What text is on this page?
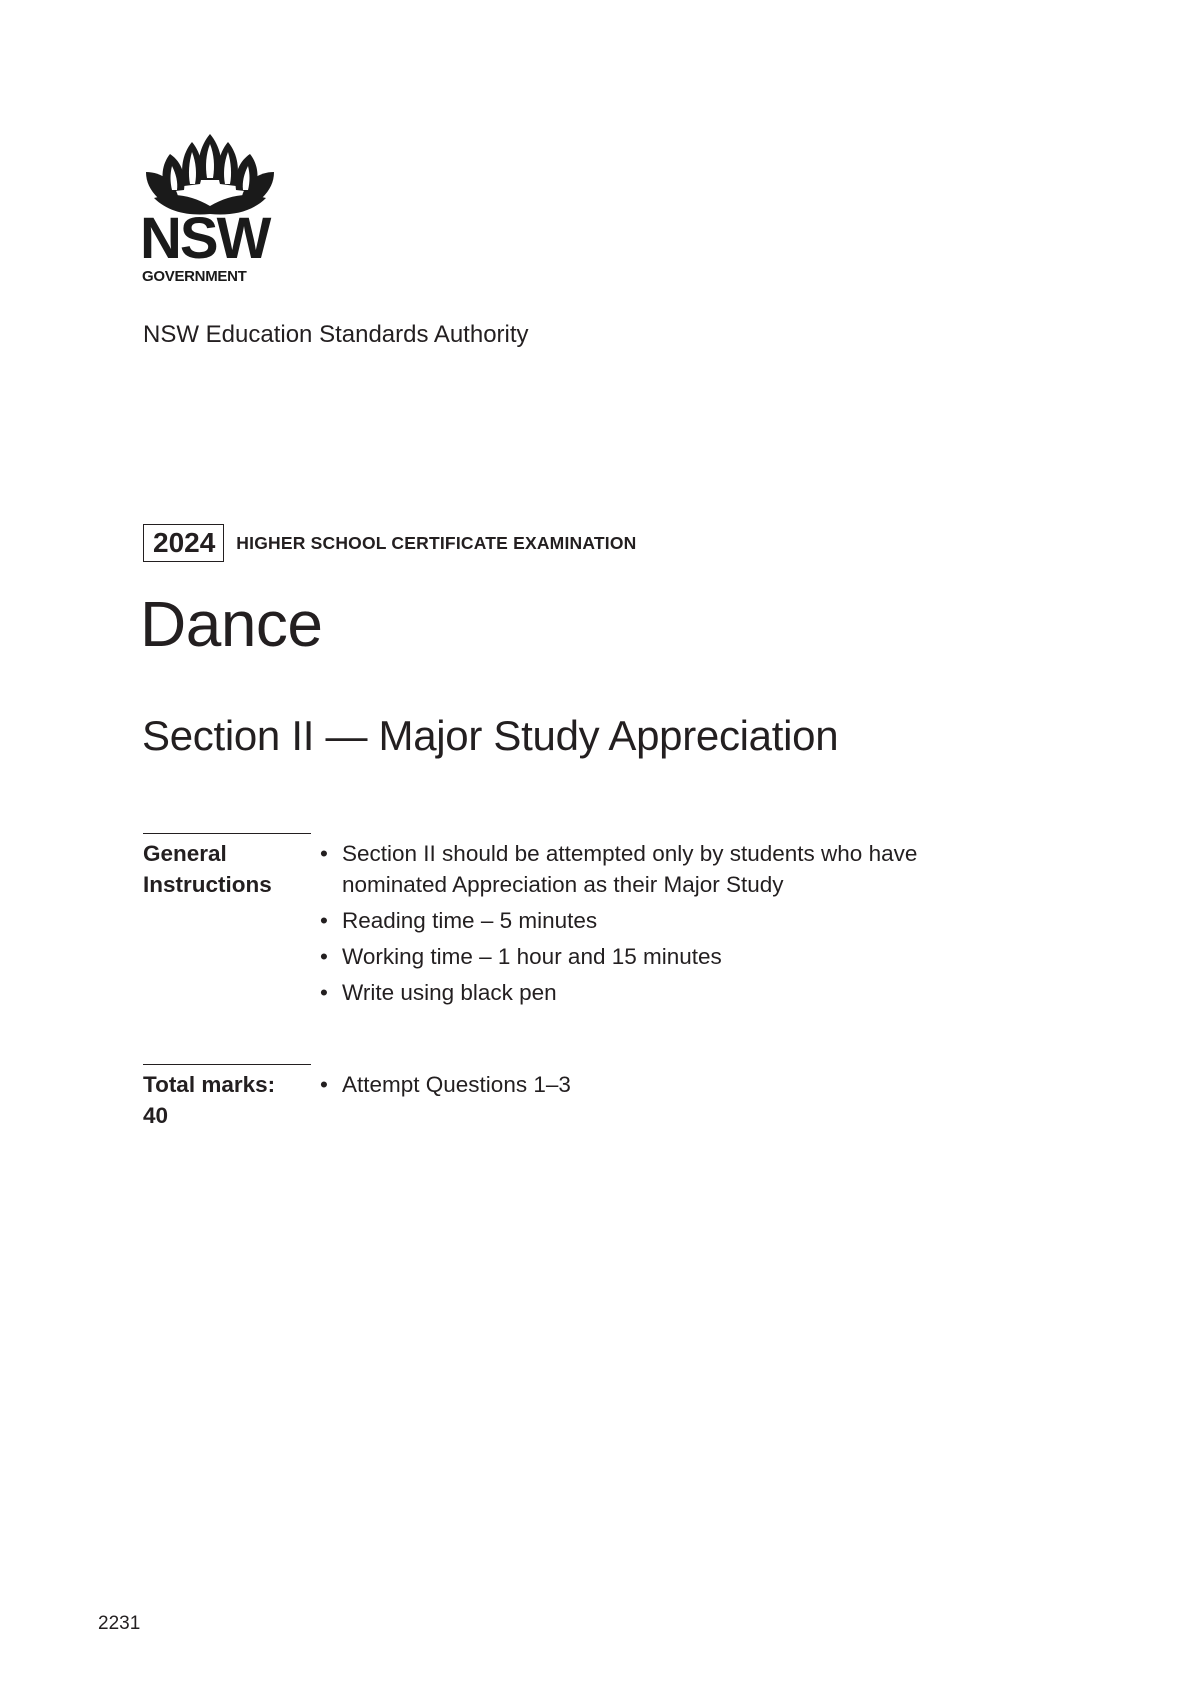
NSW
GOVERNMENT
NSW Education Standards Authority
2024	HIGHER SCHOOL CERTIFICATE EXAMINATION
Dance
Section II — Major Study Appreciation
General
Instructions
• Section II should be attempted only by students who have
nominated Appreciation as their Major Study
• Reading time – 5 minutes
• Working time – 1 hour and 15 minutes
• Write using black pen
Total marks:
40
• Attempt Questions 1–3
2231
